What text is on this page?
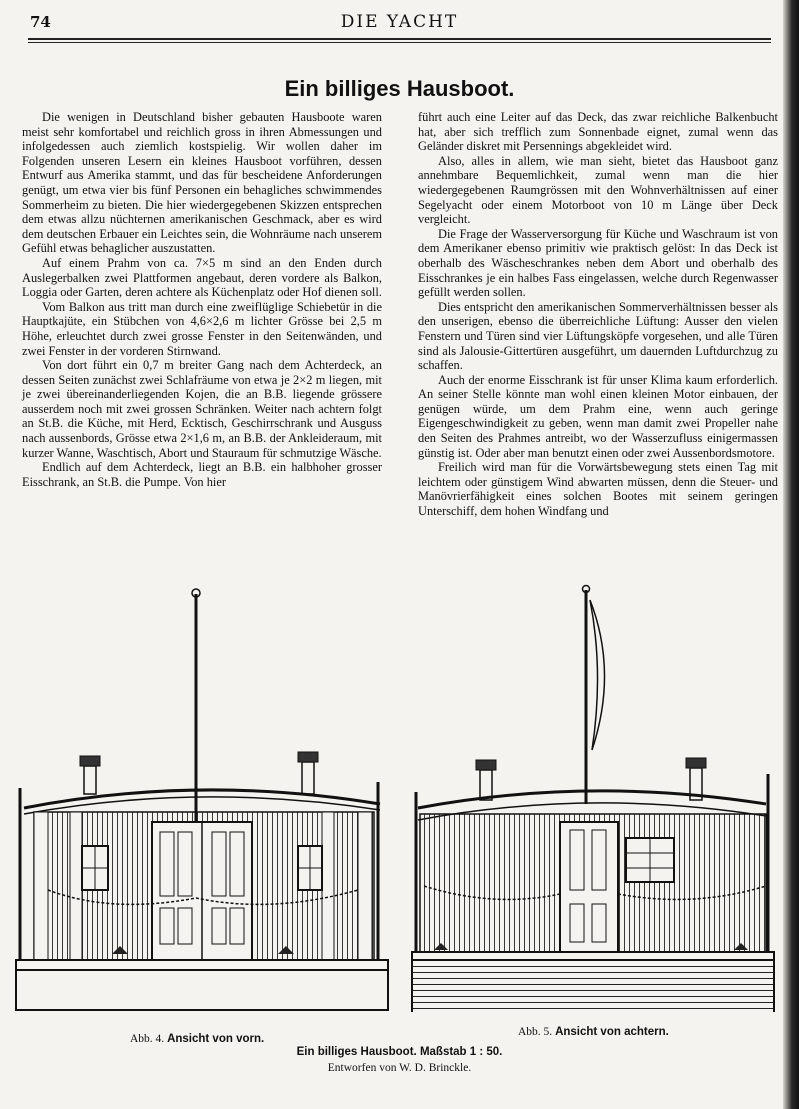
74	DIE YACHT
Ein billiges Hausboot.

Die wenigen in Deutschland bisher gebauten Hausboote waren meist sehr komfortabel und reichlich gross in ihren Abmessungen und infolgedessen auch ziemlich kostspielig. Wir wollen daher im Folgenden unseren Lesern ein kleines Hausboot vorführen, dessen Entwurf aus Amerika stammt, und das für bescheidene Anforderungen genügt, um etwa vier bis fünf Personen ein behagliches schwimmendes Sommerheim zu bieten. Die hier wiedergegebenen Skizzen entsprechen dem etwas allzu nüchternen amerikanischen Geschmack, aber es wird dem deutschen Erbauer ein Leichtes sein, die Wohnräume nach unserem Gefühl etwas behaglicher auszustatten.

Auf einem Prahm von ca. 7×5 m sind an den Enden durch Auslegerbalken zwei Plattformen angebaut, deren vordere als Balkon, Loggia oder Garten, deren achtere als Küchenplatz oder Hof dienen soll.

Vom Balkon aus tritt man durch eine zweiflüglige Schiebetür in die Hauptkajüte, ein Stübchen von 4,6×2,6 m lichter Grösse bei 2,5 m Höhe, erleuchtet durch zwei grosse Fenster in den Seitenwänden, und zwei Fenster in der vorderen Stirnwand.

Von dort führt ein 0,7 m breiter Gang nach dem Achterdeck, an dessen Seiten zunächst zwei Schlafräume von etwa je 2×2 m liegen, mit je zwei übereinanderliegenden Kojen, die an B.B. liegende grössere ausserdem noch mit zwei grossen Schränken. Weiter nach achtern folgt an St.B. die Küche, mit Herd, Ecktisch, Geschirrschrank und Ausguss nach aussenbords, Grösse etwa 2×1,6 m, an B.B. der Ankleideraum, mit kurzer Wanne, Waschtisch, Abort und Stauraum für schmutzige Wäsche.

Endlich auf dem Achterdeck, liegt an B.B. ein halbhoher grosser Eisschrank, an St.B. die Pumpe. Von hier

führt auch eine Leiter auf das Deck, das zwar reichliche Balkenbucht hat, aber sich trefflich zum Sonnenbade eignet, zumal wenn das Geländer diskret mit Persennings abgekleidet wird.

Also, alles in allem, wie man sieht, bietet das Hausboot ganz annehmbare Bequemlichkeit, zumal wenn man die hier wiedergegebenen Raumgrössen mit den Wohnverhältnissen auf einer Segelyacht oder einem Motorboot von 10 m Länge über Deck vergleicht.

Die Frage der Wasserversorgung für Küche und Waschraum ist von dem Amerikaner ebenso primitiv wie praktisch gelöst: In das Deck ist oberhalb des Wäscheschrankes neben dem Abort und oberhalb des Eisschrankes je ein halbes Fass eingelassen, welche durch Regenwasser gefüllt werden sollen.

Dies entspricht den amerikanischen Sommerverhältnissen besser als den unserigen, ebenso die überreichliche Lüftung: Ausser den vielen Fenstern und Türen sind vier Lüftungsköpfe vorgesehen, und alle Türen sind als Jalousie-Gittertüren ausgeführt, um dauernden Luftdurchzug zu schaffen.

Auch der enorme Eisschrank ist für unser Klima kaum erforderlich. An seiner Stelle könnte man wohl einen kleinen Motor einbauen, der genügen würde, um dem Prahm eine, wenn auch geringe Eigengeschwindigkeit zu geben, wenn man damit zwei Propeller nahe den Seiten des Prahmes antreibt, wo der Wasserzufluss einigermassen günstig ist. Oder aber man benutzt einen oder zwei Aussenbordsmotore.

Freilich wird man für die Vorwärtsbewegung stets einen Tag mit leichtem oder günstigem Wind abwarten müssen, denn die Steuer- und Manövrierfähigkeit eines solchen Bootes mit seinem geringen Unterschiff, dem hohen Windfang und

Abb. 4. Ansicht von vorn.
Abb. 5. Ansicht von achtern.
Ein billiges Hausboot. Maßstab 1 : 50.
Entworfen von W. D. Brinckle.
